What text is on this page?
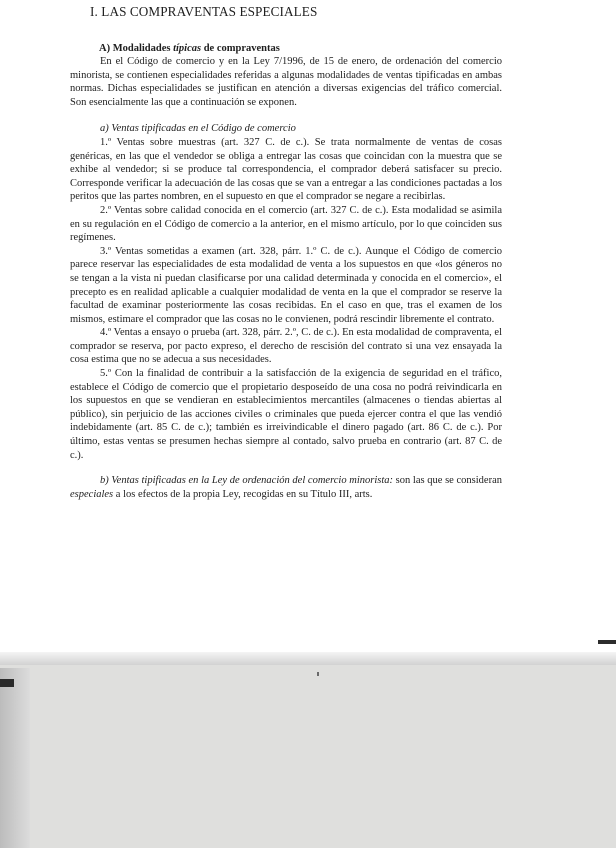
I. LAS COMPRAVENTAS ESPECIALES
A) Modalidades típicas de compraventas

En el Código de comercio y en la Ley 7/1996, de 15 de enero, de ordenación del comercio minorista, se contienen especialidades referidas a algunas modalidades de ventas tipificadas en ambas normas. Dichas especialidades se justifican en atención a diversas exigencias del tráfico comercial. Son esencialmente las que a continuación se exponen.

a) Ventas tipificadas en el Código de comercio

1.º Ventas sobre muestras (art. 327 C. de c.). Se trata normalmente de ventas de cosas genéricas, en las que el vendedor se obliga a entregar las cosas que coincidan con la muestra que se exhibe al vendedor; si se produce tal correspondencia, el comprador deberá satisfacer su precio. Corresponde verificar la adecuación de las cosas que se van a entregar a las condiciones pactadas a los peritos que las partes nombren, en el supuesto en que el comprador se negare a recibirlas.

2.º Ventas sobre calidad conocida en el comercio (art. 327 C. de c.). Esta modalidad se asimila en su regulación en el Código de comercio a la anterior, en el mismo artículo, por lo que coinciden sus regímenes.

3.º Ventas sometidas a examen (art. 328, párr. 1.º C. de c.). Aunque el Código de comercio parece reservar las especialidades de esta modalidad de venta a los supuestos en que «los géneros no se tengan a la vista ni puedan clasificarse por una calidad determinada y conocida en el comercio», el precepto es en realidad aplicable a cualquier modalidad de venta en la que el comprador se reserve la facultad de examinar posteriormente las cosas recibidas. En el caso en que, tras el examen de los mismos, estimare el comprador que las cosas no le convienen, podrá rescindir libremente el contrato.

4.º Ventas a ensayo o prueba (art. 328, párr. 2.º, C. de c.). En esta modalidad de compraventa, el comprador se reserva, por pacto expreso, el derecho de rescisión del contrato si una vez ensayada la cosa estima que no se adecua a sus necesidades.

5.º Con la finalidad de contribuir a la satisfacción de la exigencia de seguridad en el tráfico, establece el Código de comercio que el propietario desposeído de una cosa no podrá reivindicarla en los supuestos en que se vendieran en establecimientos mercantiles (almacenes o tiendas abiertas al público), sin perjuicio de las acciones civiles o criminales que pueda ejercer contra el que las vendió indebidamente (art. 85 C. de c.); también es irreivindicable el dinero pagado (art. 86 C. de c.). Por último, estas ventas se presumen hechas siempre al contado, salvo prueba en contrario (art. 87 C. de c.).

b) Ventas tipificadas en la Ley de ordenación del comercio minorista: son las que se consideran especiales a los efectos de la propia Ley, recogidas en su Título III, arts.
